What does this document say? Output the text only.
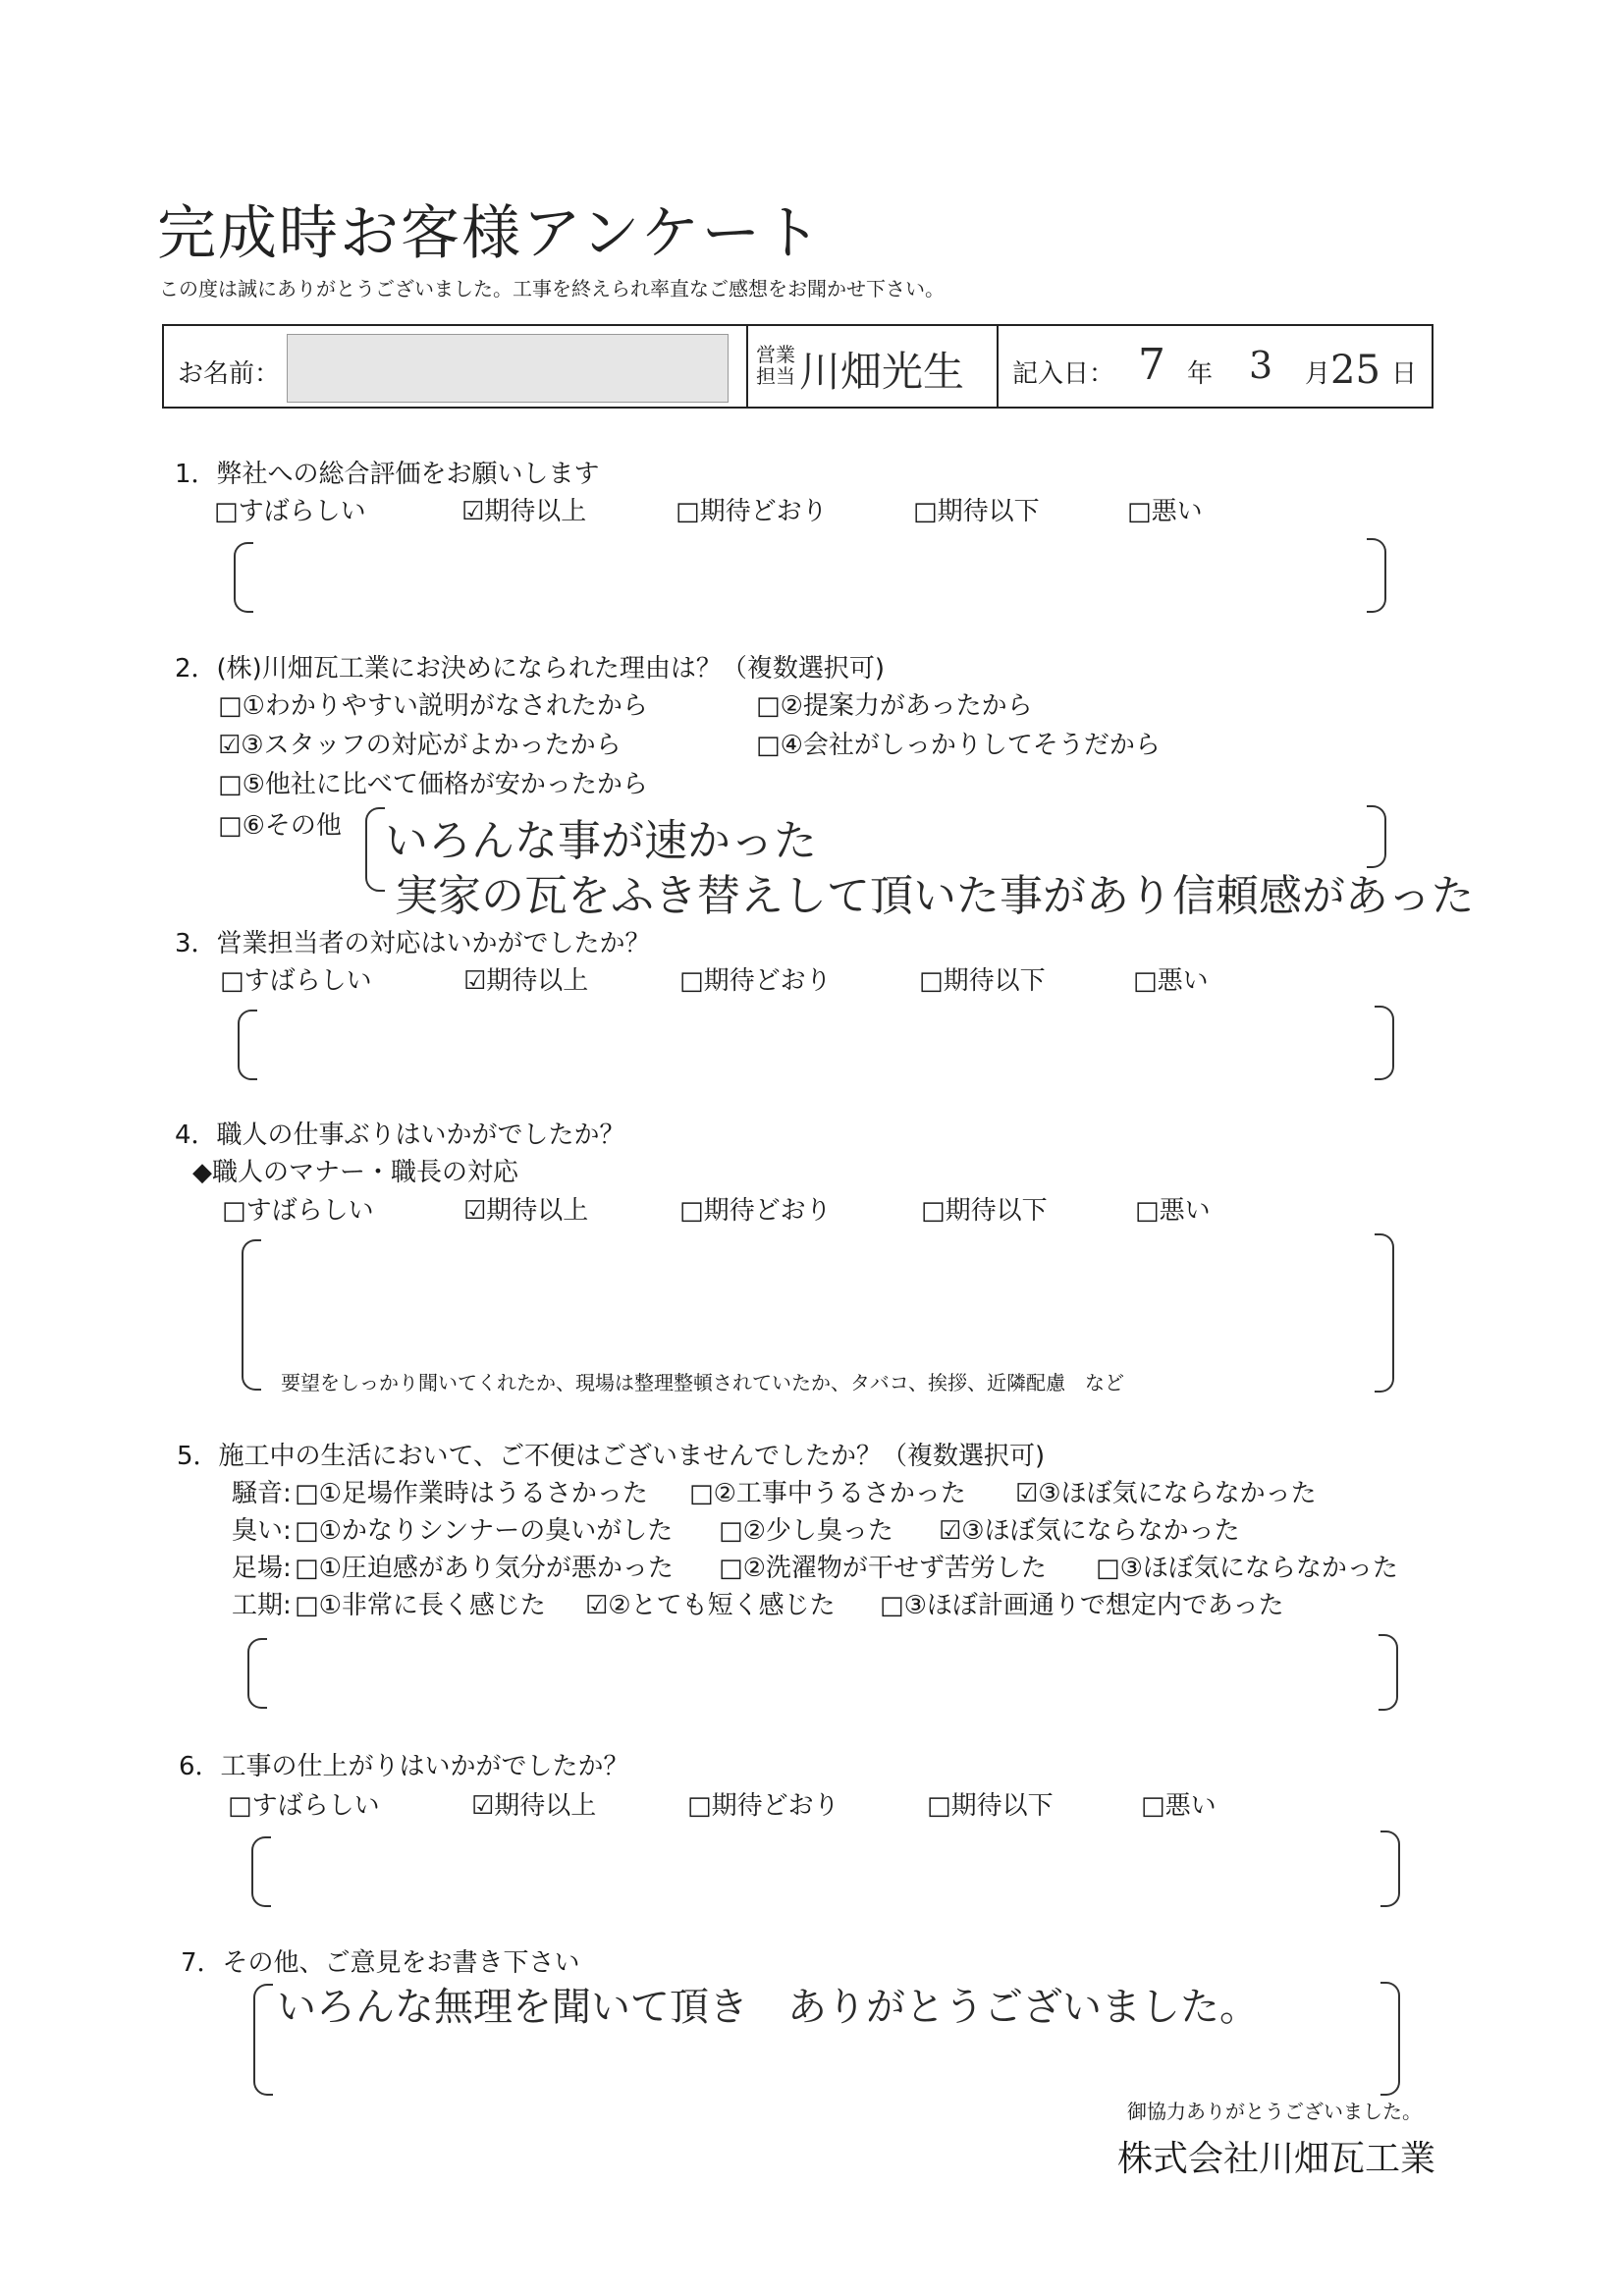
完成時お客様アンケート
この度は誠にありがとうございました。工事を終えられ率直なご感想をお聞かせ下さい。
お名前：
営業
担当 川畑光生 記入日： 7 年 3 月 25 日
1．弊社への総合評価をお願いします
□すばらしい	☑期待以上	□期待どおり	□期待以下	□悪い
2．(株)川畑瓦工業にお決めになられた理由は？（複数選択可)
□①わかりやすい説明がなされたから	□②提案力があったから
☑③スタッフの対応がよかったから	□④会社がしっかりしてそうだから
□⑤他社に比べて価格が安かったから
□⑥その他 いろんな事が速かった
実家の瓦をふき替えして頂いた事があり信頼感があった
3．営業担当者の対応はいかがでしたか？
□すばらしい	☑期待以上	□期待どおり	□期待以下	□悪い
4．職人の仕事ぶりはいかがでしたか？
◆職人のマナー・職長の対応
□すばらしい	☑期待以上	□期待どおり	□期待以下	□悪い
要望をしっかり聞いてくれたか、現場は整理整頓されていたか、タバコ、挨拶、近隣配慮　など
5．施工中の生活において、ご不便はございませんでしたか？（複数選択可)
騒音: □①足場作業時はうるさかった □②工事中うるさかった ☑③ほぼ気にならなかった
臭い: □①かなりシンナーの臭いがした □②少し臭った ☑③ほぼ気にならなかった
足場: □①圧迫感があり気分が悪かった □②洗濯物が干せず苦労した □③ほぼ気にならなかった
工期: □①非常に長く感じた ☑②とても短く感じた □③ほぼ計画通りで想定内であった
6．工事の仕上がりはいかがでしたか？
□すばらしい	☑期待以上	□期待どおり	□期待以下	□悪い
7．その他、ご意見をお書き下さい
いろんな無理を聞いて頂き　ありがとうございました。
御協力ありがとうございました。
株式会社川畑瓦工業
